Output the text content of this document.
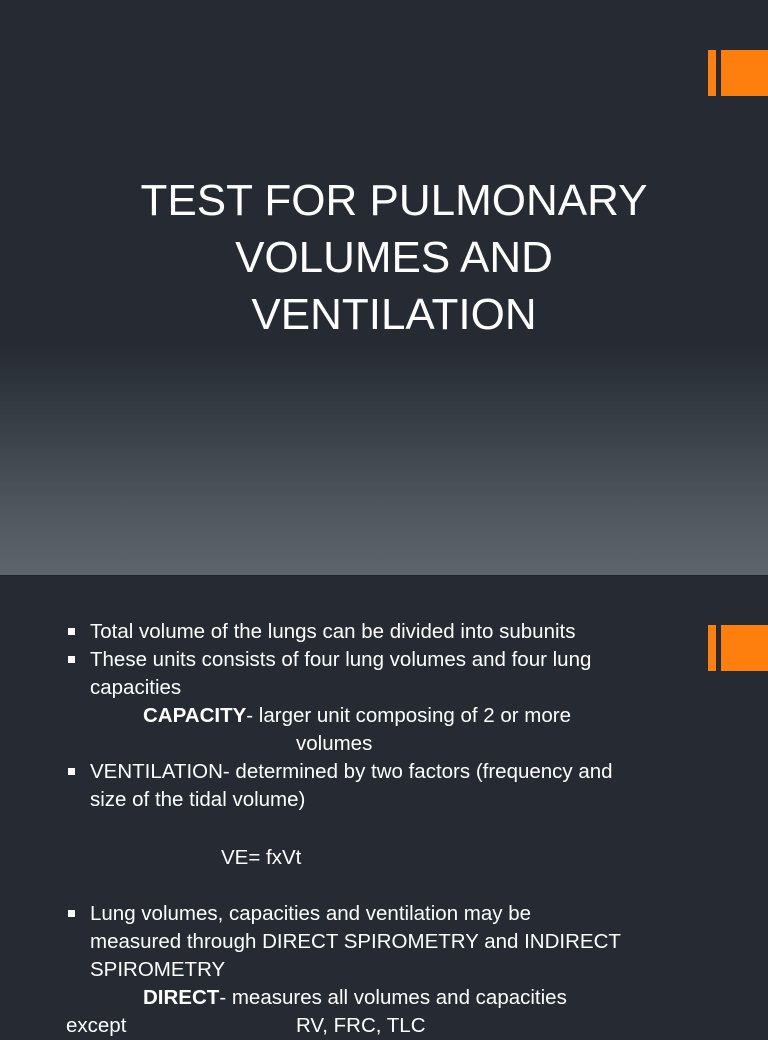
TEST FOR PULMONARY
VOLUMES AND
VENTILATION
Total volume of the lungs can be divided into subunits
These units consists of four lung volumes and four lung
capacities
CAPACITY- larger unit composing of 2 or more
volumes
VENTILATION- determined by two factors (frequency and
size of the tidal volume)
VE= fxVt
Lung volumes, capacities and ventilation may be
measured through DIRECT SPIROMETRY and INDIRECT
SPIROMETRY
DIRECT- measures all volumes and capacities
except	RV, FRC, TLC
